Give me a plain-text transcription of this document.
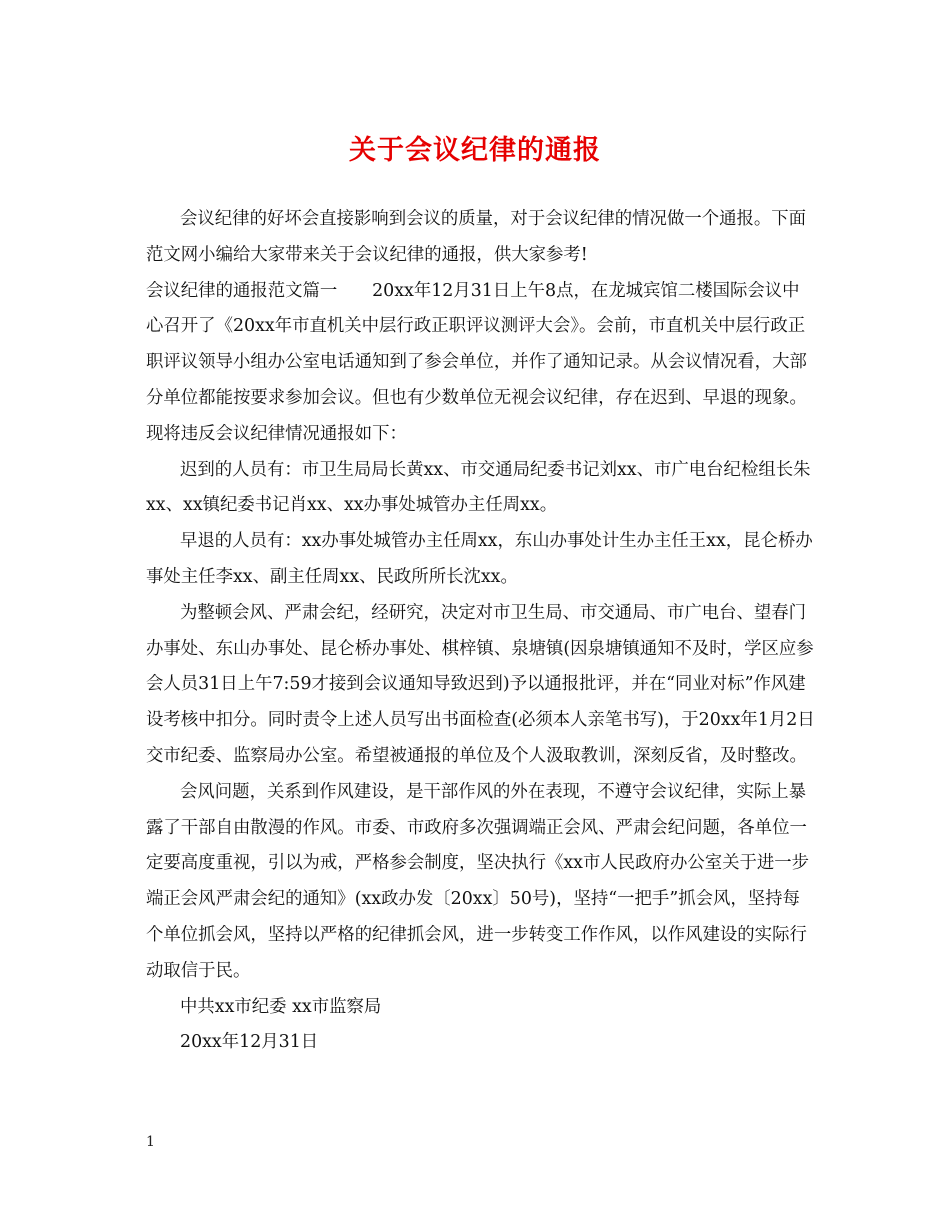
关于会议纪律的通报

会议纪律的好坏会直接影响到会议的质量，对于会议纪律的情况做一个通报。下面范文网小编给大家带来关于会议纪律的通报，供大家参考!

会议纪律的通报范文篇一　　20xx年12月31日上午8点，在龙城宾馆二楼国际会议中心召开了《20xx年市直机关中层行政正职评议测评大会》。会前，市直机关中层行政正职评议领导小组办公室电话通知到了参会单位，并作了通知记录。从会议情况看，大部分单位都能按要求参加会议。但也有少数单位无视会议纪律，存在迟到、早退的现象。现将违反会议纪律情况通报如下：

迟到的人员有：市卫生局局长黄xx、市交通局纪委书记刘xx、市广电台纪检组长朱xx、xx镇纪委书记肖xx、xx办事处城管办主任周xx。

早退的人员有：xx办事处城管办主任周xx，东山办事处计生办主任王xx，昆仑桥办事处主任李xx、副主任周xx、民政所所长沈xx。

为整顿会风、严肃会纪，经研究，决定对市卫生局、市交通局、市广电台、望春门办事处、东山办事处、昆仑桥办事处、棋梓镇、泉塘镇(因泉塘镇通知不及时，学区应参会人员31日上午7:59才接到会议通知导致迟到)予以通报批评，并在“同业对标”作风建设考核中扣分。同时责令上述人员写出书面检查(必须本人亲笔书写)，于20xx年1月2日交市纪委、监察局办公室。希望被通报的单位及个人汲取教训，深刻反省，及时整改。

会风问题，关系到作风建设，是干部作风的外在表现，不遵守会议纪律，实际上暴露了干部自由散漫的作风。市委、市政府多次强调端正会风、严肃会纪问题，各单位一定要高度重视，引以为戒，严格参会制度，坚决执行《xx市人民政府办公室关于进一步端正会风严肃会纪的通知》(xx政办发〔20xx〕50号)，坚持“一把手”抓会风，坚持每个单位抓会风，坚持以严格的纪律抓会风，进一步转变工作作风，以作风建设的实际行动取信于民。

中共xx市纪委 xx市监察局

20xx年12月31日

1
